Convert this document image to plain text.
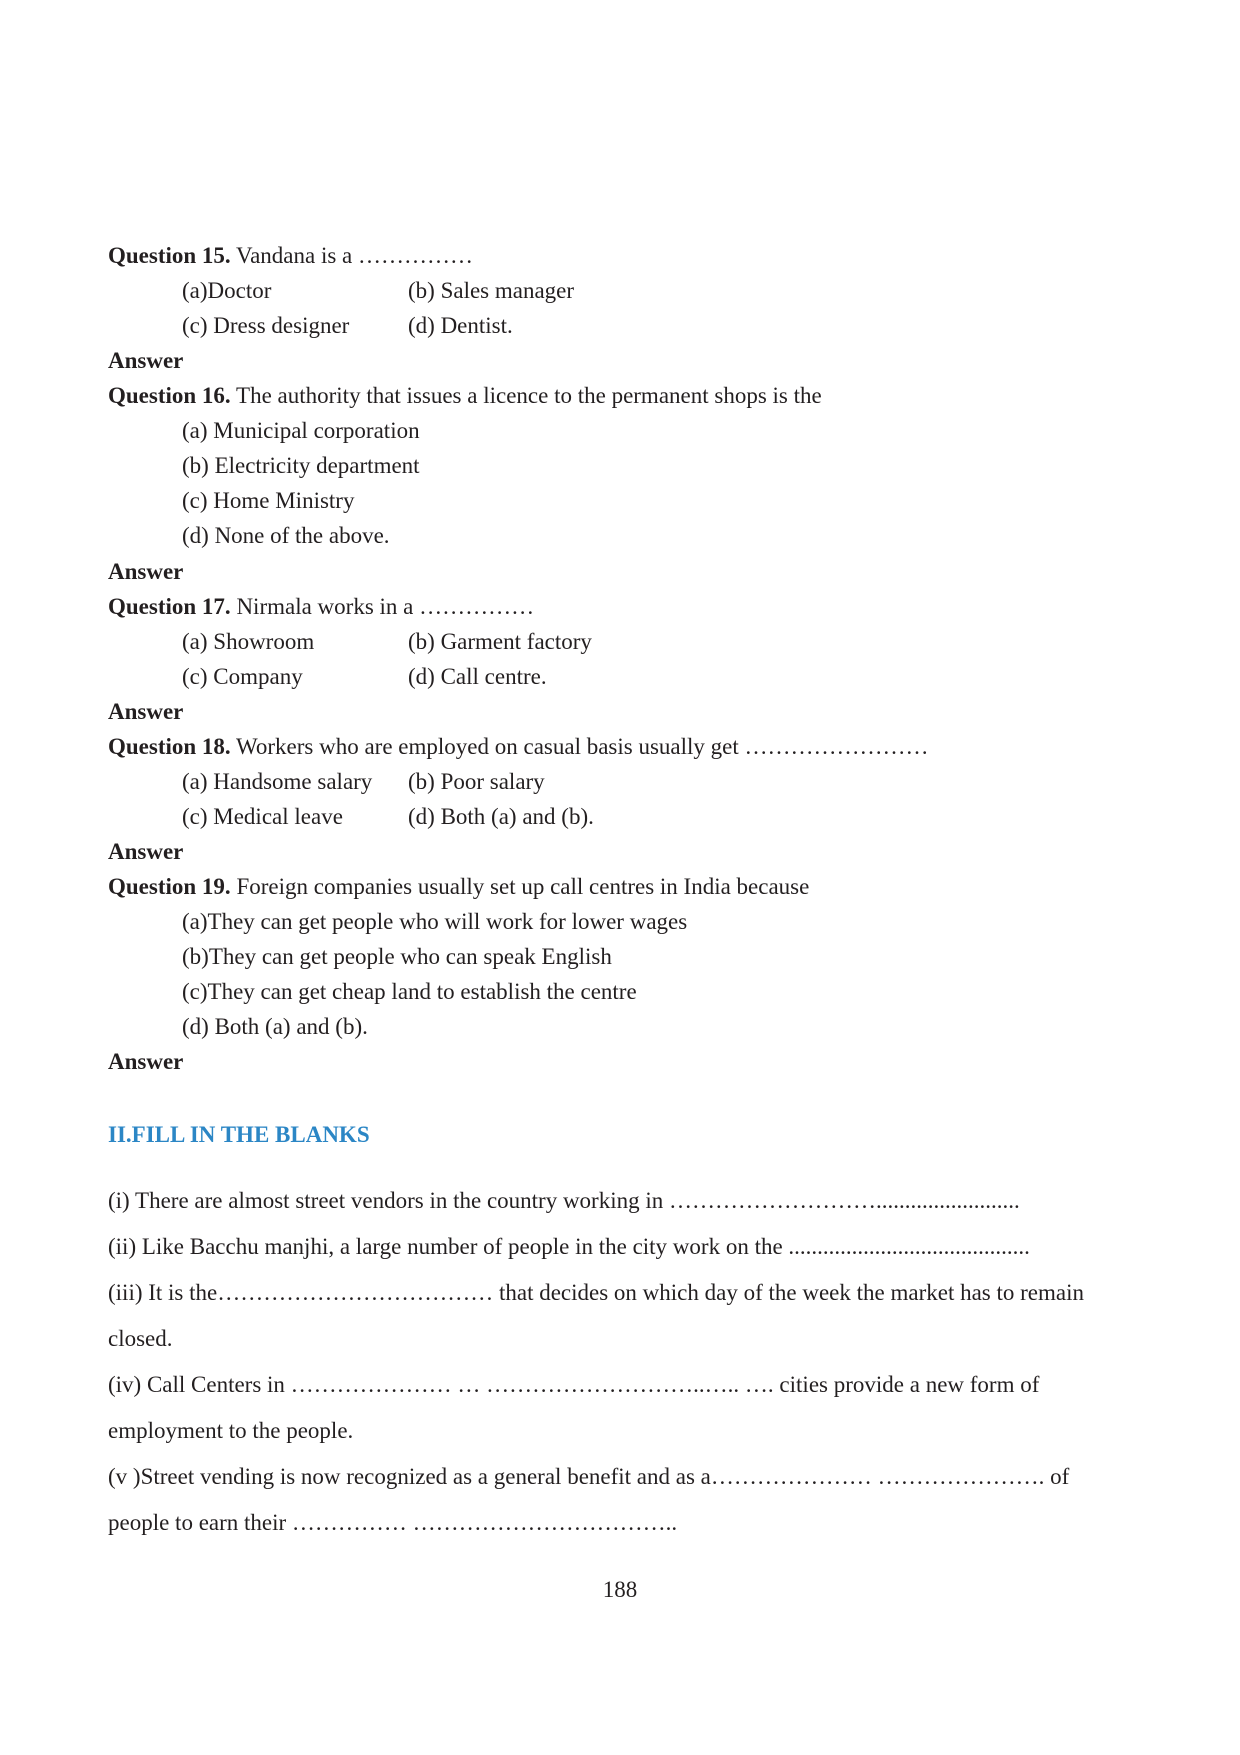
Question 15. Vandana is a ……………
(a)Doctor	(b) Sales manager
(c) Dress designer	(d) Dentist.
Answer
Question 16. The authority that issues a licence to the permanent shops is the
(a) Municipal corporation
(b) Electricity department
(c) Home Ministry
(d) None of the above.
Answer
Question 17. Nirmala works in a ……………
(a) Showroom	(b) Garment factory
(c) Company	(d) Call centre.
Answer
Question 18. Workers who are employed on casual basis usually get ……………………
(a) Handsome salary (b) Poor salary
(c) Medical leave	(d) Both (a) and (b).
Answer
Question 19. Foreign companies usually set up call centres in India because
(a)They can get people who will work for lower wages
(b)They can get people who can speak English
(c)They can get cheap land to establish the centre
(d) Both (a) and (b).
Answer
II.FILL IN THE BLANKS
(i) There are almost street vendors in the country working in ……………………….........................
(ii) Like Bacchu manjhi, a large number of people in the city work on the ..........................................
(iii) It is the……………………………… that decides on which day of the week the market has to remain
closed.
(iv) Call Centers in ………………… … ………………………..….. …. cities provide a new form of
employment to the people.
(v )Street vending is now recognized as a general benefit and as a………………… …………………. of
people to earn their …………… ……………………………..
188
